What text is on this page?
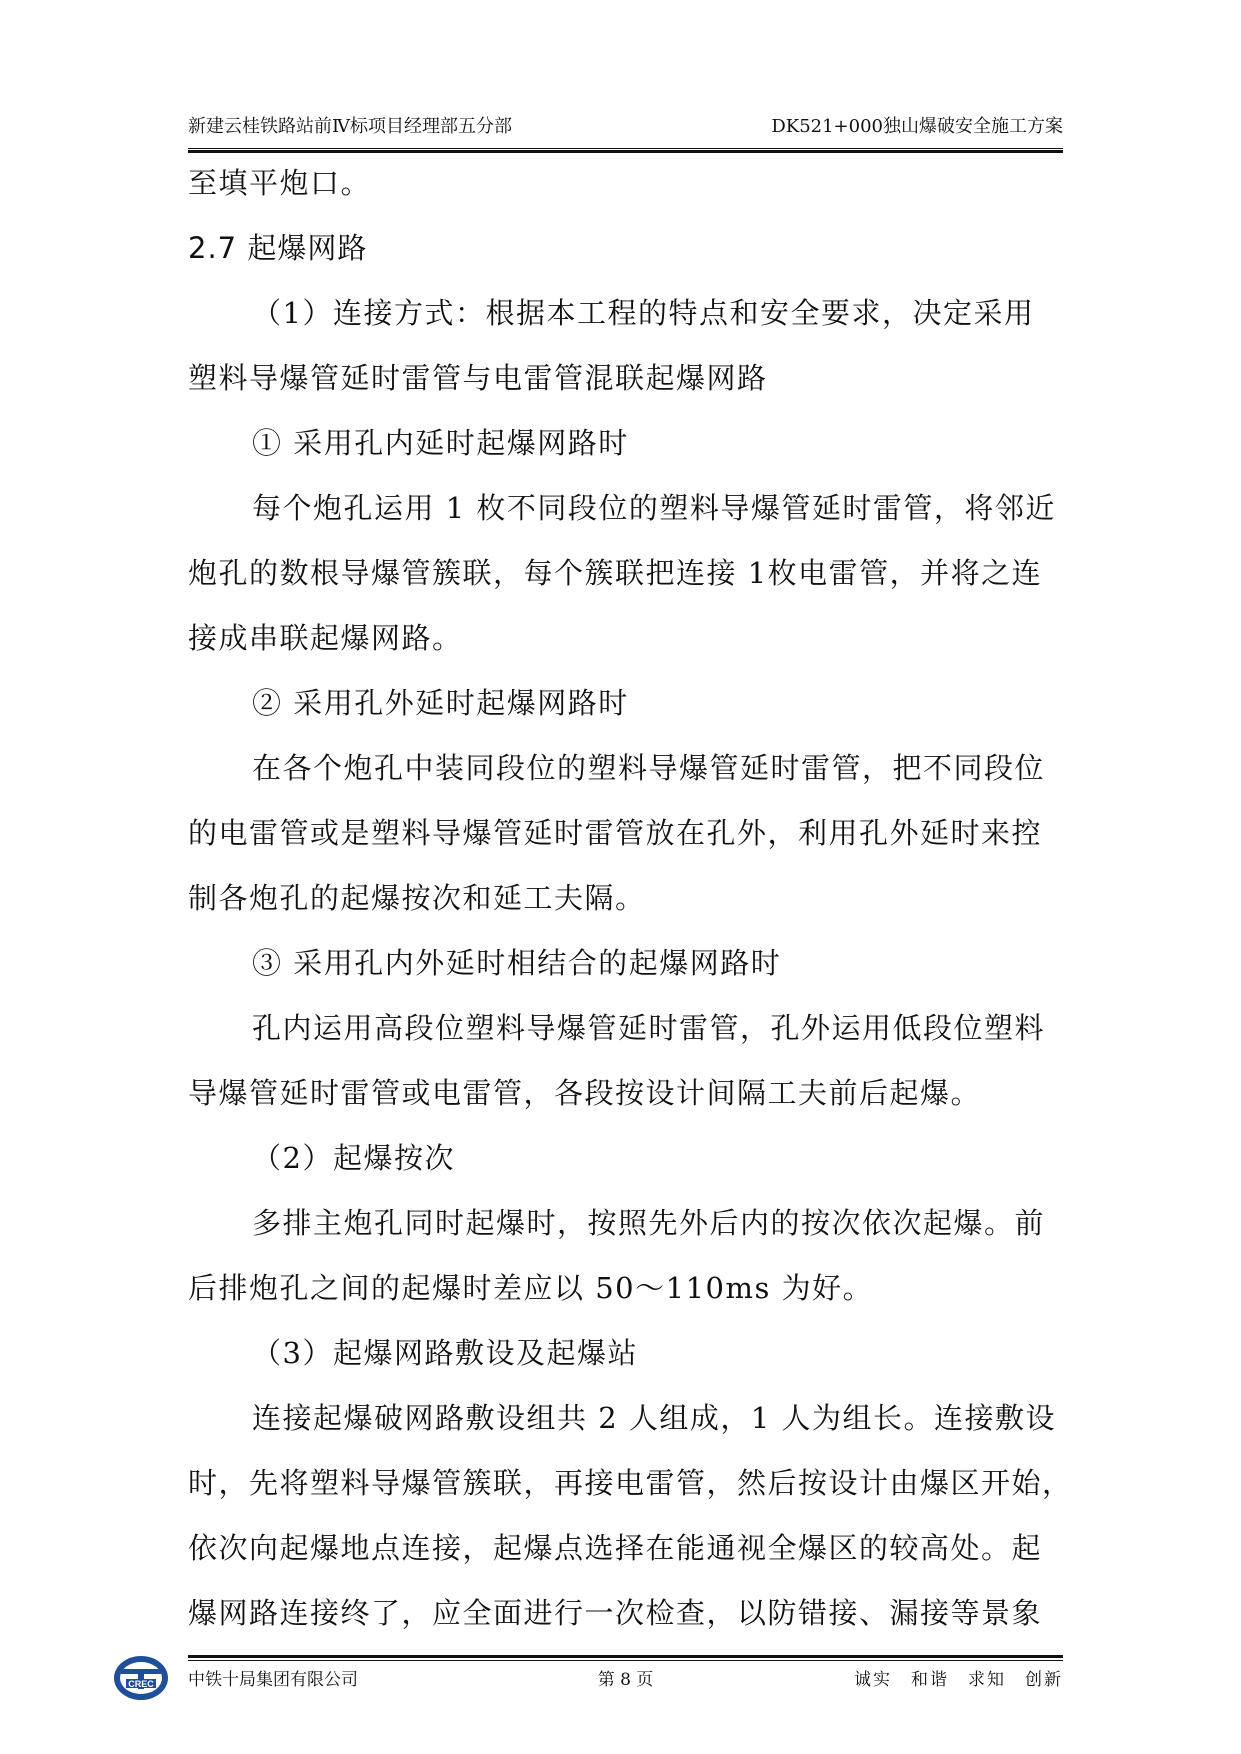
新建云桂铁路站前Ⅳ标项目经理部五分部	DK521+000独山爆破安全施工方案
至填平炮口。
2.7 起爆网路
（1）连接方式：根据本工程的特点和安全要求，决定采用
塑料导爆管延时雷管与电雷管混联起爆网路
① 采用孔内延时起爆网路时
每个炮孔运用 1 枚不同段位的塑料导爆管延时雷管，将邻近
炮孔的数根导爆管簇联，每个簇联把连接 1枚电雷管，并将之连
接成串联起爆网路。
② 采用孔外延时起爆网路时
在各个炮孔中装同段位的塑料导爆管延时雷管，把不同段位
的电雷管或是塑料导爆管延时雷管放在孔外，利用孔外延时来控
制各炮孔的起爆按次和延工夫隔。
③ 采用孔内外延时相结合的起爆网路时
孔内运用高段位塑料导爆管延时雷管，孔外运用低段位塑料
导爆管延时雷管或电雷管，各段按设计间隔工夫前后起爆。
（2）起爆按次
多排主炮孔同时起爆时，按照先外后内的按次依次起爆。前
后排炮孔之间的起爆时差应以 50～110ms 为好。
（3）起爆网路敷设及起爆站
连接起爆破网路敷设组共 2 人组成，1 人为组长。连接敷设
时，先将塑料导爆管簇联，再接电雷管，然后按设计由爆区开始，
依次向起爆地点连接，起爆点选择在能通视全爆区的较高处。起
爆网路连接终了，应全面进行一次检查，以防错接、漏接等景象
CREC 中铁十局集团有限公司	第 8 页	诚实　和谐　求知　创新
